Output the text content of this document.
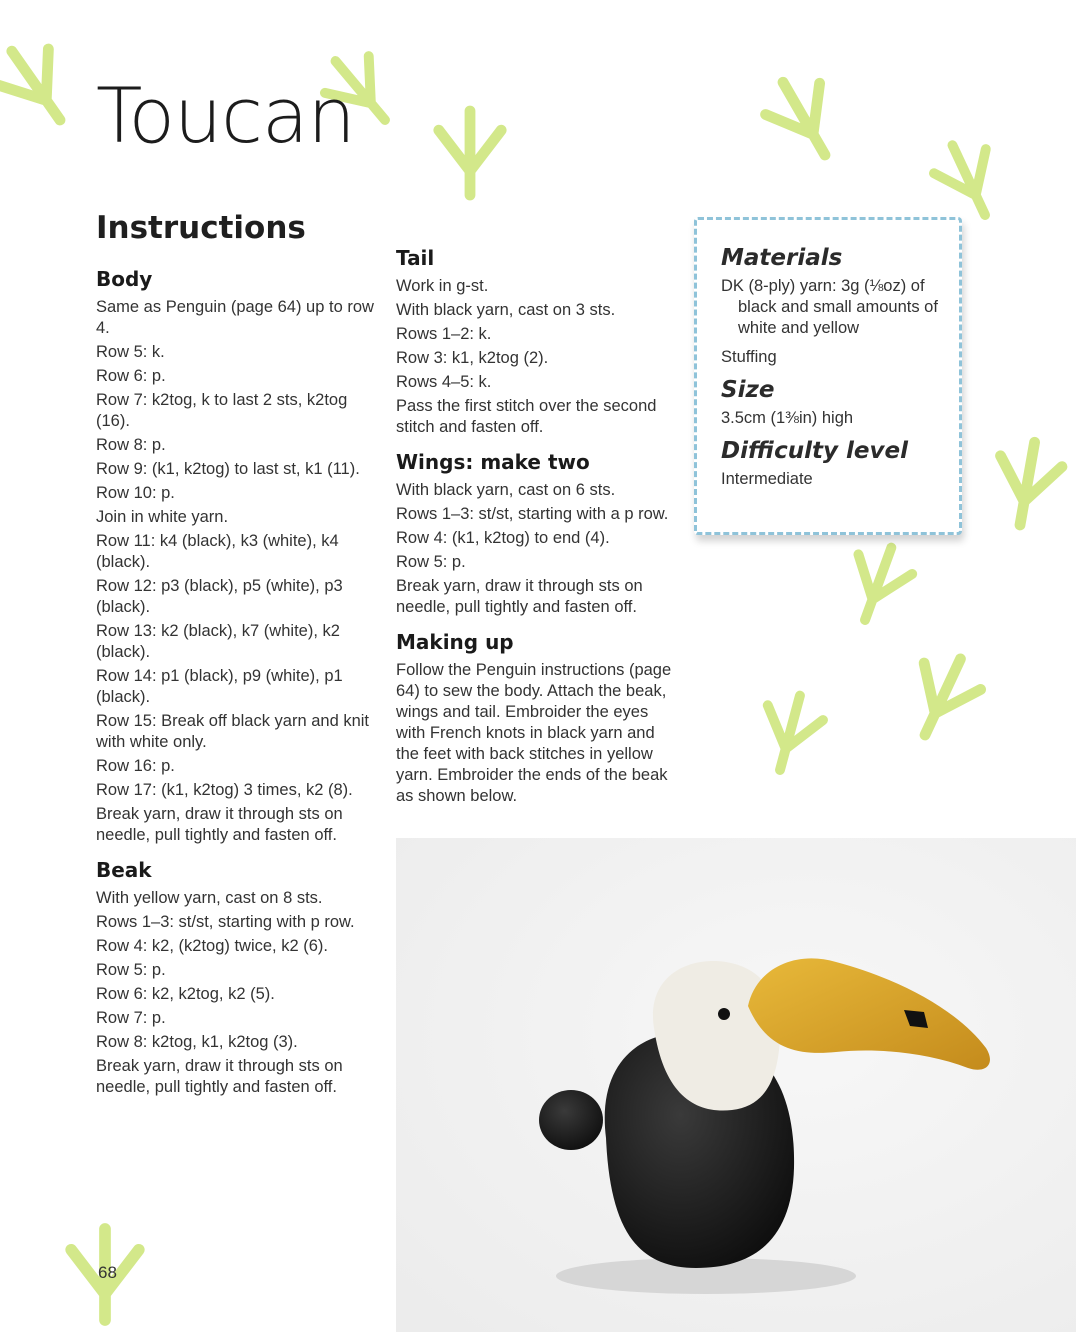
Toucan
Instructions
Body

Same as Penguin (page 64) up to row 4.

Row 5: k.

Row 6: p.

Row 7: k2tog, k to last 2 sts, k2tog (16).

Row 8: p.

Row 9: (k1, k2tog) to last st, k1 (11).

Row 10: p.

Join in white yarn.

Row 11: k4 (black), k3 (white), k4 (black).

Row 12: p3 (black), p5 (white), p3 (black).

Row 13: k2 (black), k7 (white), k2 (black).

Row 14: p1 (black), p9 (white), p1 (black).

Row 15: Break off black yarn and knit with white only.

Row 16: p.

Row 17: (k1, k2tog) 3 times, k2 (8).

Break yarn, draw it through sts on needle, pull tightly and fasten off.

Beak

With yellow yarn, cast on 8 sts.

Rows 1–3: st/st, starting with p row.

Row 4: k2, (k2tog) twice, k2 (6).

Row 5: p.

Row 6: k2, k2tog, k2 (5).

Row 7: p.

Row 8: k2tog, k1, k2tog (3).

Break yarn, draw it through sts on needle, pull tightly and fasten off.

Tail

Work in g-st.

With black yarn, cast on 3 sts.

Rows 1–2: k.

Row 3: k1, k2tog (2).

Rows 4–5: k.

Pass the first stitch over the second stitch and fasten off.

Wings: make two

With black yarn, cast on 6 sts.

Rows 1–3: st/st, starting with a p row.

Row 4: (k1, k2tog) to end (4).

Row 5: p.

Break yarn, draw it through sts on needle, pull tightly and fasten off.

Making up

Follow the Penguin instructions (page 64) to sew the body. Attach the beak, wings and tail. Embroider the eyes with French knots in black yarn and the feet with back stitches in yellow yarn. Embroider the ends of the beak as shown below.

Materials

DK (8-ply) yarn: 3g (⅛oz) of black and small amounts of white and yellow

Stuffing

Size

3.5cm (1⅜in) high

Difficulty level

Intermediate

68
